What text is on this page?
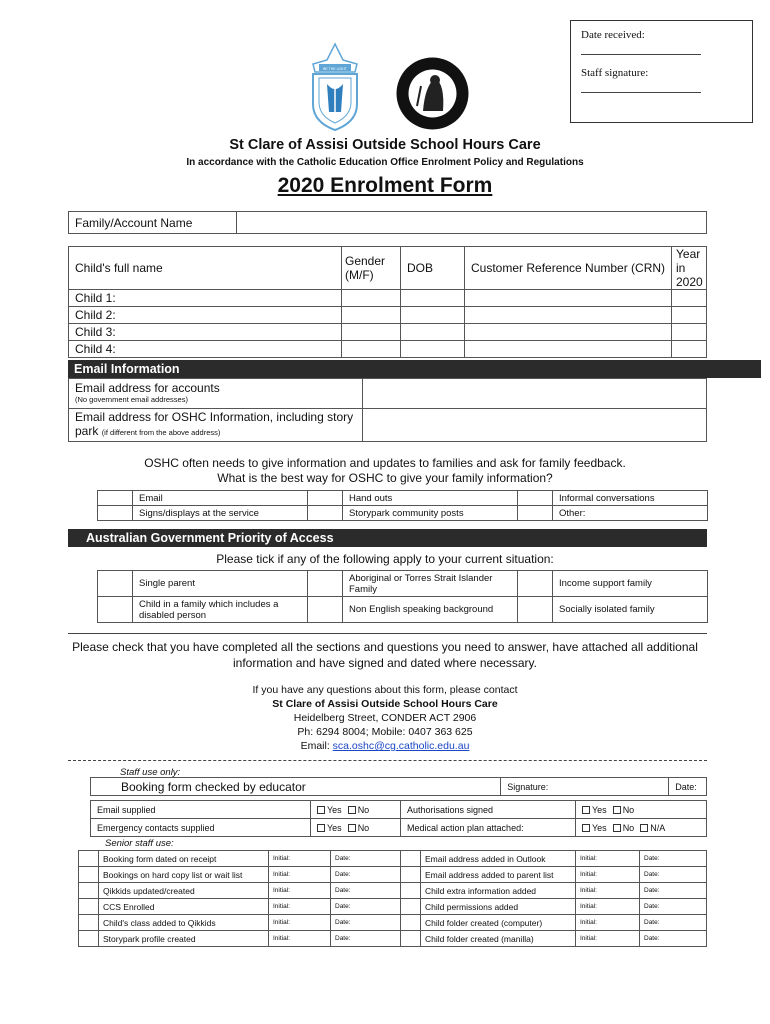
Date received:
Staff signature:
BE THE LIGHT
St Clare of Assisi Outside School Hours Care
In accordance with the Catholic Education Office Enrolment Policy and Regulations
2020 Enrolment Form
Family/Account Name	
Child's full name	Gender (M/F)	DOB	Customer Reference Number (CRN)	Year in 2020
Child 1:				
Child 2:				
Child 3:				
Child 4:				
Email Information
Email address for accounts
(No government email addresses)	

Email address for OSHC Information, including story
park (if different from the above address)	

OSHC often needs to give information and updates to families and ask for family feedback.
What is the best way for OSHC to give your family information?
	Email		Hand outs		Informal conversations
	Signs/displays at the service		Storypark community posts		Other:
Australian Government Priority of Access
Please tick if any of the following apply to your current situation:
	Single parent		Aboriginal or Torres Strait Islander Family		Income support family
	Child in a family which includes a disabled person		Non English speaking background		Socially isolated family
Please check that you have completed all the sections and questions you need to answer, have attached all additional
information and have signed and dated where necessary.
If you have any questions about this form, please contact
St Clare of Assisi Outside School Hours Care
Heidelberg Street, CONDER ACT 2906
Ph: 6294 8004; Mobile: 0407 363 625
Email: sca.oshc@cg.catholic.edu.au
Staff use only:
Booking form checked by educator	Signature:	Date:
Email supplied	Yes No	Authorisations signed	Yes No
Emergency contacts supplied	Yes No	Medical action plan attached:	Yes No N/A
Senior staff use:
	Booking form dated on receipt	Initial:	Date:		Email address added in Outlook	Initial:	Date:
	Bookings on hard copy list or wait list	Initial:	Date:		Email address added to parent list	Initial:	Date:
	Qikkids updated/created	Initial:	Date:		Child extra information added	Initial:	Date:
	CCS Enrolled	Initial:	Date:		Child permissions added	Initial:	Date:
	Child's class added to Qikkids	Initial:	Date:		Child folder created (computer)	Initial:	Date:
	Storypark profile created	Initial:	Date:		Child folder created (manilla)	Initial:	Date:
